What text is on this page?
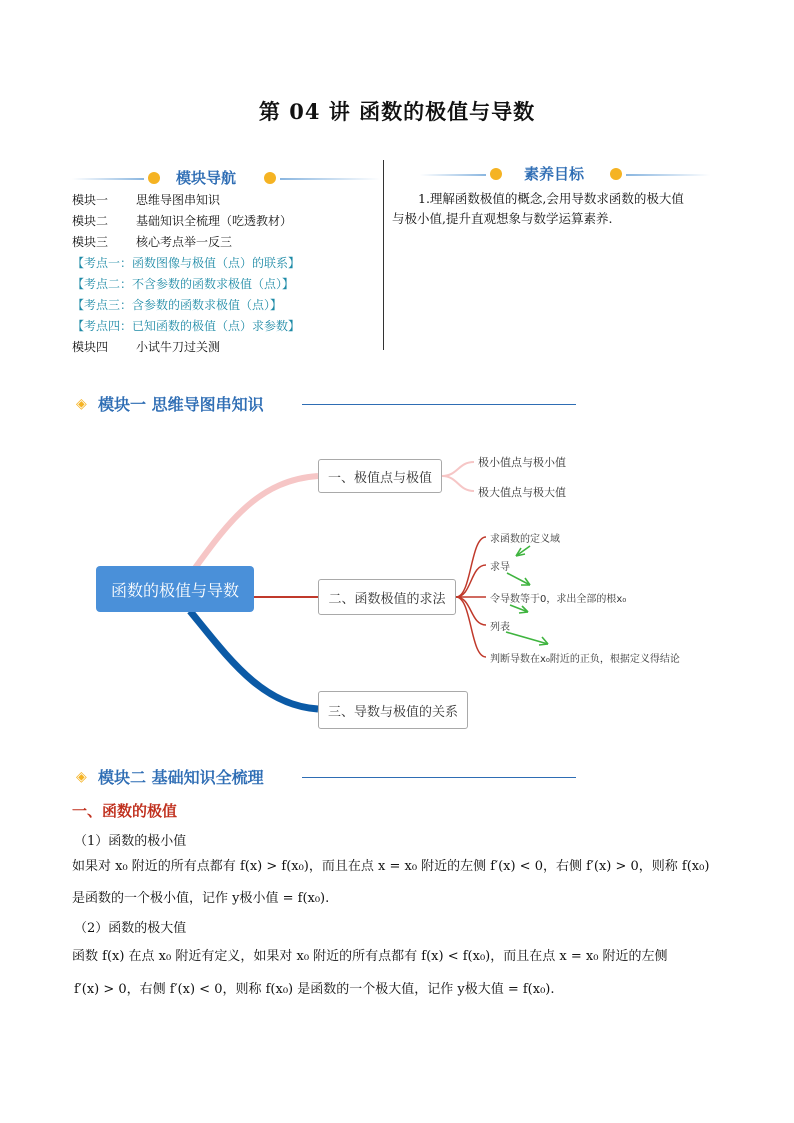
第 04 讲 函数的极值与导数
模块导航
模块一 思维导图串知识
模块二 基础知识全梳理（吃透教材）
模块三 核心考点举一反三
【考点一：函数图像与极值（点）的联系】
【考点二：不含参数的函数求极值（点）】
【考点三：含参数的函数求极值（点）】
【考点四：已知函数的极值（点）求参数】
模块四 小试牛刀过关测
素养目标
1.理解函数极值的概念,会用导数求函数的极大值
与极小值,提升直观想象与数学运算素养.
◈ 模块一 思维导图串知识
函数的极值与导数
一、极值点与极值
二、函数极值的求法
三、导数与极值的关系
极小值点与极小值
极大值点与极大值
求函数的定义域
求导
令导数等于0，求出全部的根x₀
列表
判断导数在x₀附近的正负，根据定义得结论
◈ 模块二 基础知识全梳理
一、函数的极值
（1）函数的极小值
如果对 x₀ 附近的所有点都有 f(x) > f(x₀)，而且在点 x = x₀ 附近的左侧 f′(x) < 0，右侧 f′(x) > 0，则称 f(x₀)
是函数的一个极小值，记作 y极小值 = f(x₀).
（2）函数的极大值
函数 f(x) 在点 x₀ 附近有定义，如果对 x₀ 附近的所有点都有 f(x) < f(x₀)，而且在点 x = x₀ 附近的左侧
f′(x) > 0，右侧 f′(x) < 0，则称 f(x₀) 是函数的一个极大值，记作 y极大值 = f(x₀).
